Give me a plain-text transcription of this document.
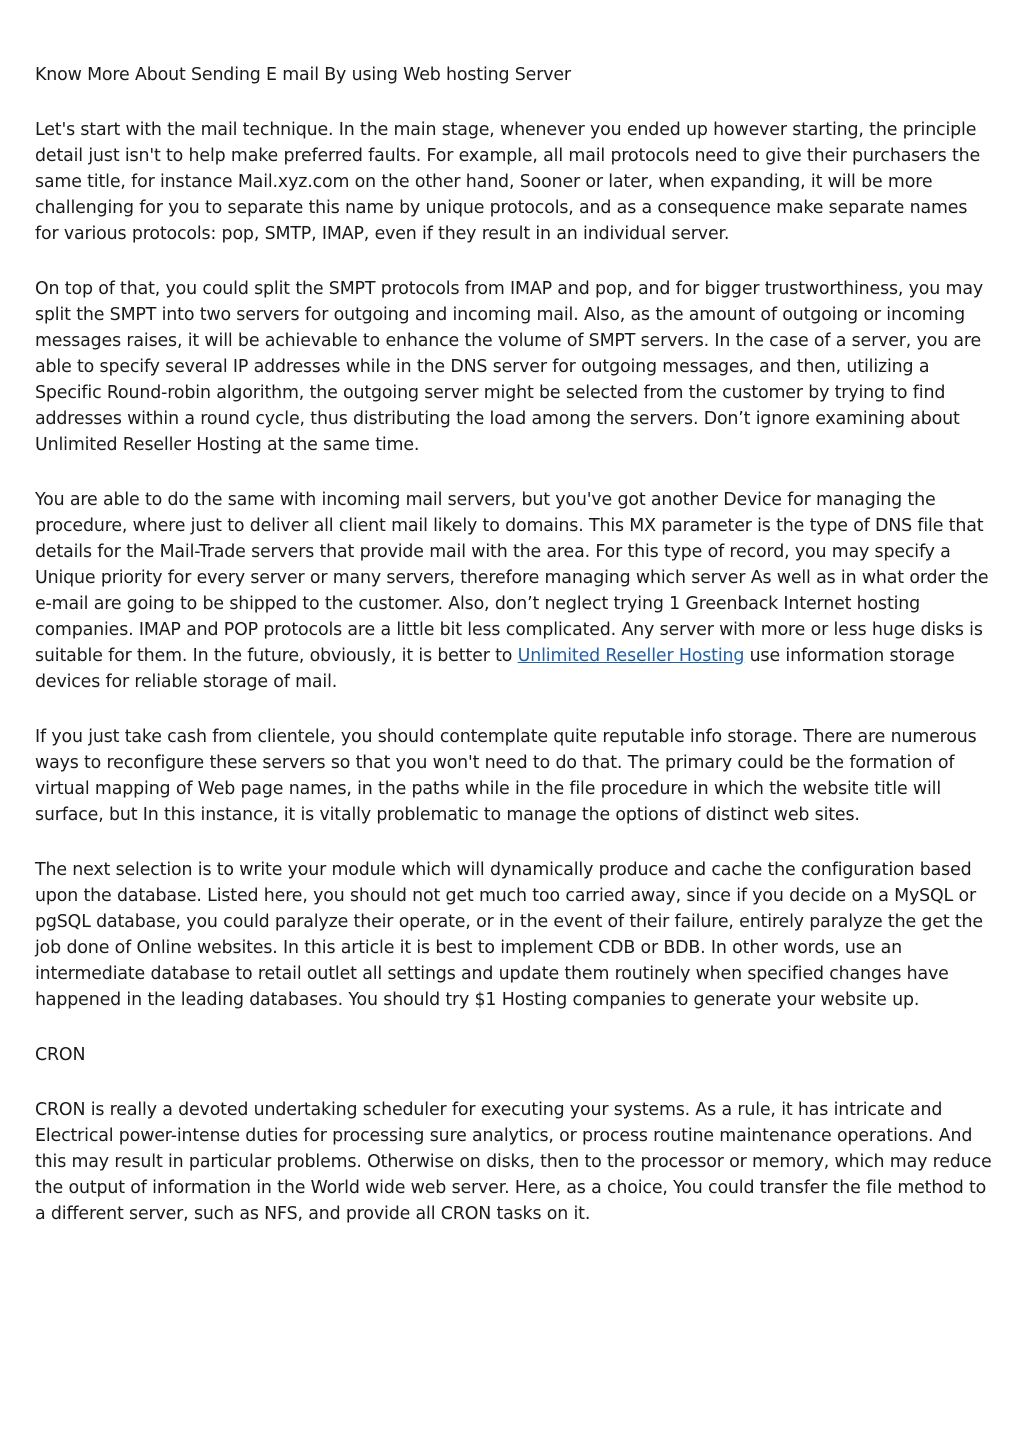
Know More About Sending E mail By using Web hosting Server

Let's start with the mail technique. In the main stage, whenever you ended up however starting, the principle detail just isn't to help make preferred faults. For example, all mail protocols need to give their purchasers the same title, for instance Mail.xyz.com on the other hand, Sooner or later, when expanding, it will be more challenging for you to separate this name by unique protocols, and as a consequence make separate names for various protocols: pop, SMTP, IMAP, even if they result in an individual server.

On top of that, you could split the SMPT protocols from IMAP and pop, and for bigger trustworthiness, you may split the SMPT into two servers for outgoing and incoming mail. Also, as the amount of outgoing or incoming messages raises, it will be achievable to enhance the volume of SMPT servers. In the case of a server, you are able to specify several IP addresses while in the DNS server for outgoing messages, and then, utilizing a Specific Round-robin algorithm, the outgoing server might be selected from the customer by trying to find addresses within a round cycle, thus distributing the load among the servers. Don’t ignore examining about Unlimited Reseller Hosting at the same time.

You are able to do the same with incoming mail servers, but you've got another Device for managing the procedure, where just to deliver all client mail likely to domains. This MX parameter is the type of DNS file that details for the Mail-Trade servers that provide mail with the area. For this type of record, you may specify a Unique priority for every server or many servers, therefore managing which server As well as in what order the e-mail are going to be shipped to the customer. Also, don’t neglect trying 1 Greenback Internet hosting companies. IMAP and POP protocols are a little bit less complicated. Any server with more or less huge disks is suitable for them. In the future, obviously, it is better to Unlimited Reseller Hosting use information storage devices for reliable storage of mail.

If you just take cash from clientele, you should contemplate quite reputable info storage. There are numerous ways to reconfigure these servers so that you won't need to do that. The primary could be the formation of virtual mapping of Web page names, in the paths while in the file procedure in which the website title will surface, but In this instance, it is vitally problematic to manage the options of distinct web sites.

The next selection is to write your module which will dynamically produce and cache the configuration based upon the database. Listed here, you should not get much too carried away, since if you decide on a MySQL or pgSQL database, you could paralyze their operate, or in the event of their failure, entirely paralyze the get the job done of Online websites. In this article it is best to implement CDB or BDB. In other words, use an intermediate database to retail outlet all settings and update them routinely when specified changes have happened in the leading databases. You should try $1 Hosting companies to generate your website up.

CRON

CRON is really a devoted undertaking scheduler for executing your systems. As a rule, it has intricate and Electrical power-intense duties for processing sure analytics, or process routine maintenance operations. And this may result in particular problems. Otherwise on disks, then to the processor or memory, which may reduce the output of information in the World wide web server. Here, as a choice, You could transfer the file method to a different server, such as NFS, and provide all CRON tasks on it.
